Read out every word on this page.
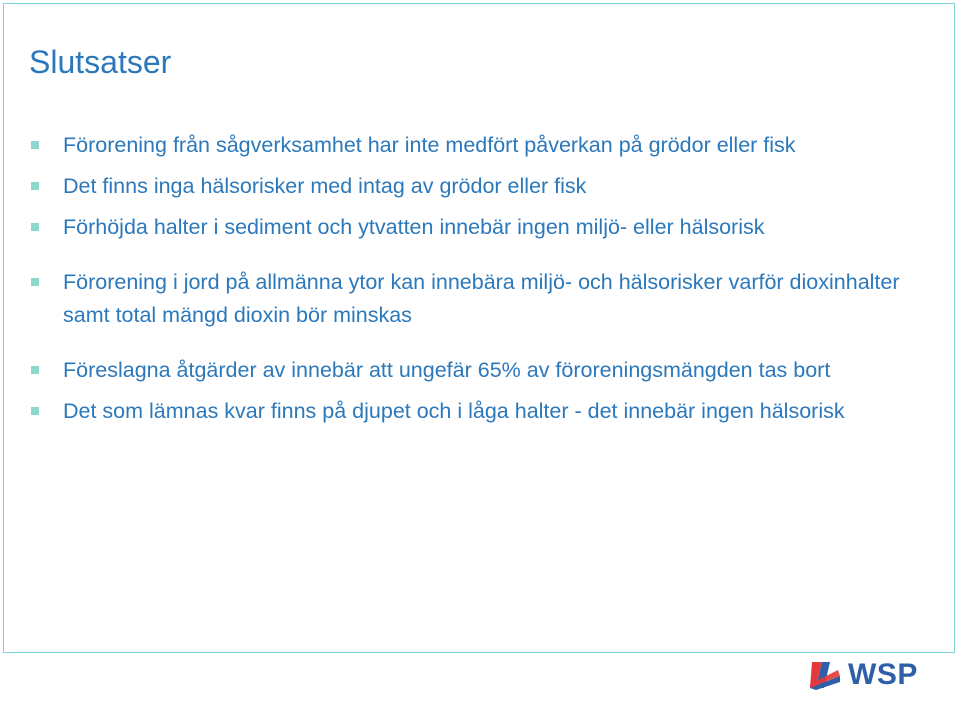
Slutsatser
Förorening från sågverksamhet har inte medfört påverkan på grödor eller fisk
Det finns inga hälsorisker med intag av grödor eller fisk
Förhöjda halter i sediment och ytvatten innebär ingen miljö- eller hälsorisk
Förorening i jord på allmänna ytor kan innebära miljö- och hälsorisker varför dioxinhalter samt total mängd dioxin bör minskas
Föreslagna åtgärder av innebär att ungefär 65% av föroreningsmängden tas bort
Det som lämnas kvar finns på djupet och i låga halter - det innebär ingen hälsorisk
WSP
